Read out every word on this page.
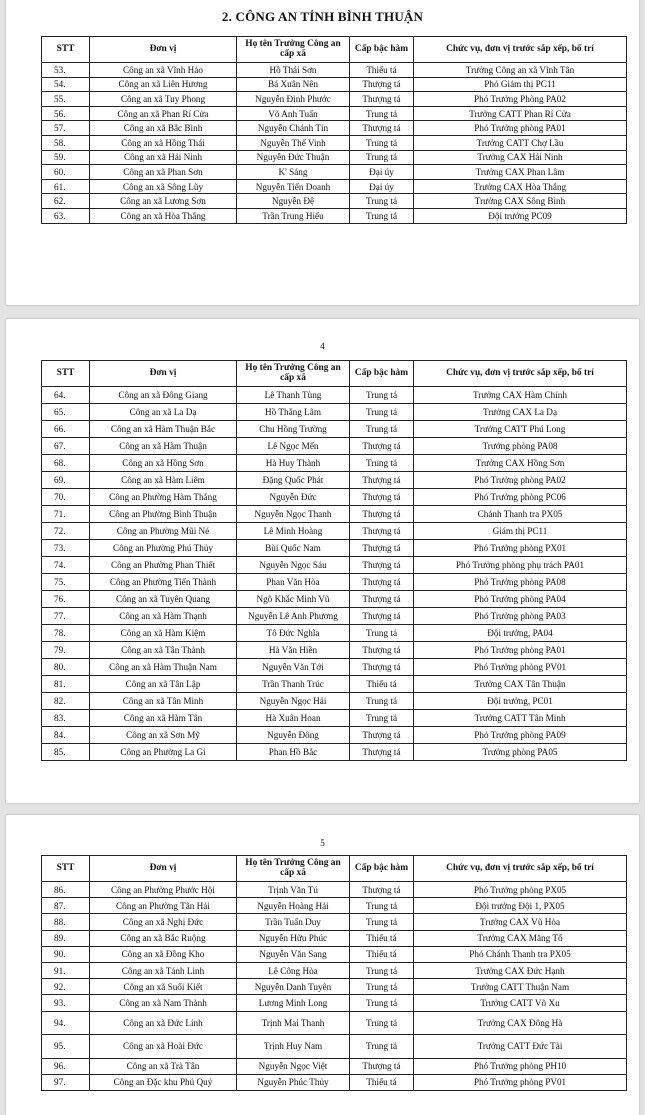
2. CÔNG AN TỈNH BÌNH THUẬN
STT	Đơn vị	Họ tên Trưởng Công an cấp xã	Cấp bậc hàm	Chức vụ, đơn vị trước sắp xếp, bố trí
53.	Công an xã Vĩnh Hảo	Hồ Thái Sơn	Thiếu tá	Trưởng Công an xã Vĩnh Tân
54.	Công an xã Liên Hương	Bá Xuân Nên	Thượng tá	Phó Giám thị PC11
55.	Công an xã Tuy Phong	Nguyễn Đình Phước	Thượng tá	Phó Trưởng Phòng PA02
56.	Công an xã Phan Rí Cửa	Võ Anh Tuấn	Trung tá	Trưởng CATT Phan Rí Cửa
57.	Công an xã Bắc Bình	Nguyễn Chánh Tín	Thượng tá	Phó Trưởng phòng PA01
58.	Công an xã Hồng Thái	Nguyễn Thế Vinh	Trung tá	Trưởng CATT Chợ Lầu
59.	Công an xã Hải Ninh	Nguyễn Đức Thuận	Trung tá	Trưởng CAX Hải Ninh
60.	Công an xã Phan Sơn	K' Sáng	Đại úy	Trưởng CAX Phan Lâm
61.	Công an xã Sông Lũy	Nguyễn Tiến Doanh	Đại úy	Trưởng CAX Hòa Thắng
62.	Công an xã Lương Sơn	Nguyễn Đệ	Trung tá	Trưởng CAX Sông Bình
63.	Công an xã Hòa Thắng	Trần Trung Hiếu	Trung tá	Đội trưởng PC09
4
STT	Đơn vị	Họ tên Trưởng Công an cấp xã	Cấp bậc hàm	Chức vụ, đơn vị trước sắp xếp, bố trí
64.	Công an xã Đông Giang	Lê Thanh Tùng	Trung tá	Trưởng CAX Hàm Chính
65.	Công an xã La Dạ	Hồ Thắng Lãm	Trung tá	Trưởng CAX La Dạ
66.	Công an xã Hàm Thuận Bắc	Chu Hồng Trường	Trung tá	Trưởng CATT Phú Long
67.	Công an xã Hàm Thuận	Lê Ngọc Mến	Thượng tá	Trưởng phòng PA08
68.	Công an xã Hồng Sơn	Hà Huy Thành	Trung tá	Trưởng CAX Hồng Sơn
69.	Công an xã Hàm Liêm	Đặng Quốc Phát	Thượng tá	Phó Trưởng phòng PA02
70.	Công an Phường Hàm Thắng	Nguyễn Đức	Thượng tá	Phó Trưởng phòng PC06
71.	Công an Phường Bình Thuận	Nguyễn Ngọc Thanh	Thượng tá	Chánh Thanh tra PX05
72.	Công an Phường Mũi Né	Lê Minh Hoàng	Thượng tá	Giám thị PC11
73.	Công an Phường Phú Thủy	Bùi Quốc Nam	Thượng tá	Phó Trưởng phòng PX01
74.	Công an Phường Phan Thiết	Nguyễn Ngọc Sáu	Thượng tá	Phó Trưởng phòng phụ trách PA01
75.	Công an Phường Tiến Thành	Phan Văn Hòa	Thượng tá	Phó Trưởng phòng PA08
76.	Công an xã Tuyên Quang	Ngô Khắc Minh Vũ	Thượng tá	Phó Trưởng phòng PA04
77.	Công an xã Hàm Thạnh	Nguyễn Lê Anh Phương	Thượng tá	Phó Trưởng phòng PA03
78.	Công an xã Hàm Kiệm	Tô Đức Nghĩa	Trung tá	Đội trưởng, PA04
79.	Công an xã Tân Thành	Hà Văn Hiền	Thượng tá	Phó Trưởng phòng PA01
80.	Công an xã Hàm Thuận Nam	Nguyễn Văn Tới	Thượng tá	Phó Trưởng phòng PV01
81.	Công an xã Tân Lập	Trần Thanh Trúc	Thiếu tá	Trưởng CAX Tân Thuận
82.	Công an xã Tân Minh	Nguyễn Ngọc Hải	Trung tá	Đội trưởng, PC01
83.	Công an xã Hàm Tân	Hà Xuân Hoan	Trung tá	Trưởng CATT Tân Minh
84.	Công an xã Sơn Mỹ	Nguyễn Đông	Thượng tá	Phó Trưởng phòng PA09
85.	Công an Phường La Gi	Phan Hồ Bắc	Thượng tá	Trưởng phòng PA05
5
STT	Đơn vị	Họ tên Trưởng Công an cấp xã	Cấp bậc hàm	Chức vụ, đơn vị trước sắp xếp, bố trí
86.	Công an Phường Phước Hội	Trịnh Văn Tú	Thượng tá	Phó Trưởng phòng PX05
87.	Công an Phường Tân Hải	Nguyễn Hoàng Hải	Trung tá	Đội trưởng Đội 1, PX05
88.	Công an xã Nghị Đức	Trần Tuấn Duy	Trung tá	Trưởng CAX Vũ Hòa
89.	Công an xã Bắc Ruộng	Nguyễn Hữu Phúc	Thiếu tá	Trưởng CAX Măng Tố
90.	Công an xã Đồng Kho	Nguyễn Văn Sang	Thiếu tá	Phó Chánh Thanh tra PX05
91.	Công an xã Tánh Linh	Lê Công Hòa	Trung tá	Trưởng CAX Đức Hạnh
92.	Công an xã Suối Kiết	Nguyễn Danh Tuyên	Trung tá	Trưởng CATT Thuận Nam
93.	Công an xã Nam Thành	Lương Minh Long	Trung tá	Trưởng CATT Võ Xu
94.	Công an xã Đức Linh	Trịnh Mai Thanh	Trung tá	Trưởng CAX Đông Hà
95.	Công an xã Hoài Đức	Trịnh Huy Nam	Trung tá	Trưởng CATT Đức Tài
96.	Công an xã Trà Tân	Nguyễn Ngọc Việt	Thượng tá	Phó Trưởng phòng PH10
97.	Công an Đặc khu Phú Quý	Nguyễn Phúc Thủy	Thiếu tá	Phó Trưởng phòng PV01
